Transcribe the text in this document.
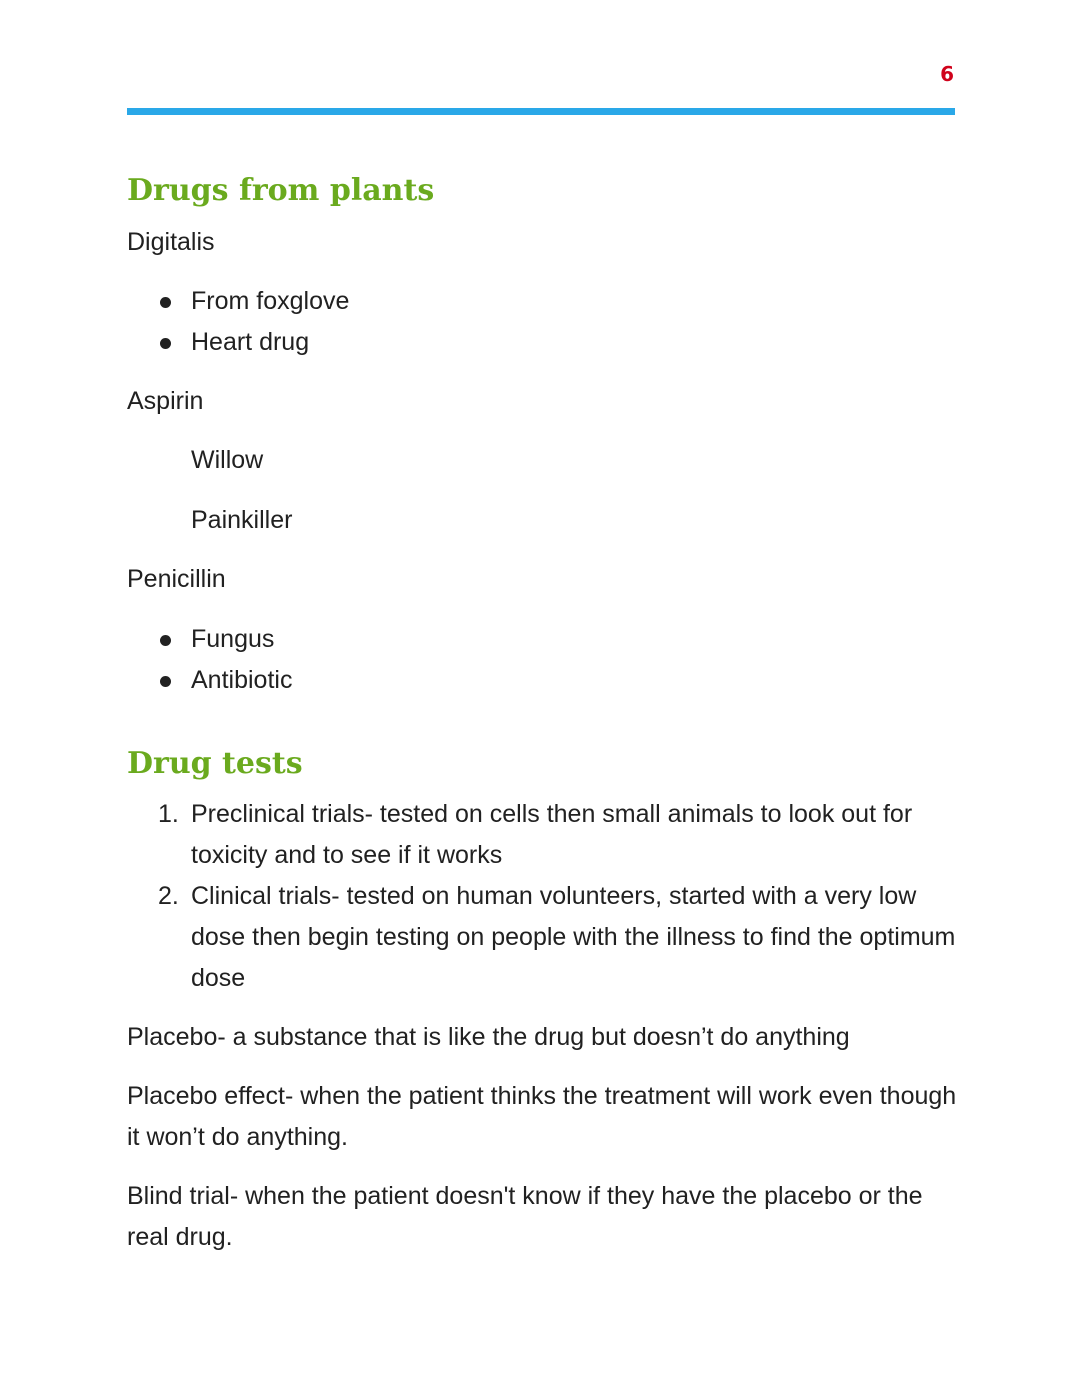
6
Drugs from plants

Digitalis

From foxglove
Heart drug

Aspirin

Willow

Painkiller

Penicillin

Fungus
Antibiotic
Drug tests
1. Preclinical trials- tested on cells then small animals to look out for toxicity and to see if it works
2. Clinical trials- tested on human volunteers, started with a very low dose then begin testing on people with the illness to find the optimum dose

Placebo- a substance that is like the drug but doesn’t do anything

Placebo effect- when the patient thinks the treatment will work even though it won’t do anything.

Blind trial- when the patient doesn't know if they have the placebo or the real drug.
